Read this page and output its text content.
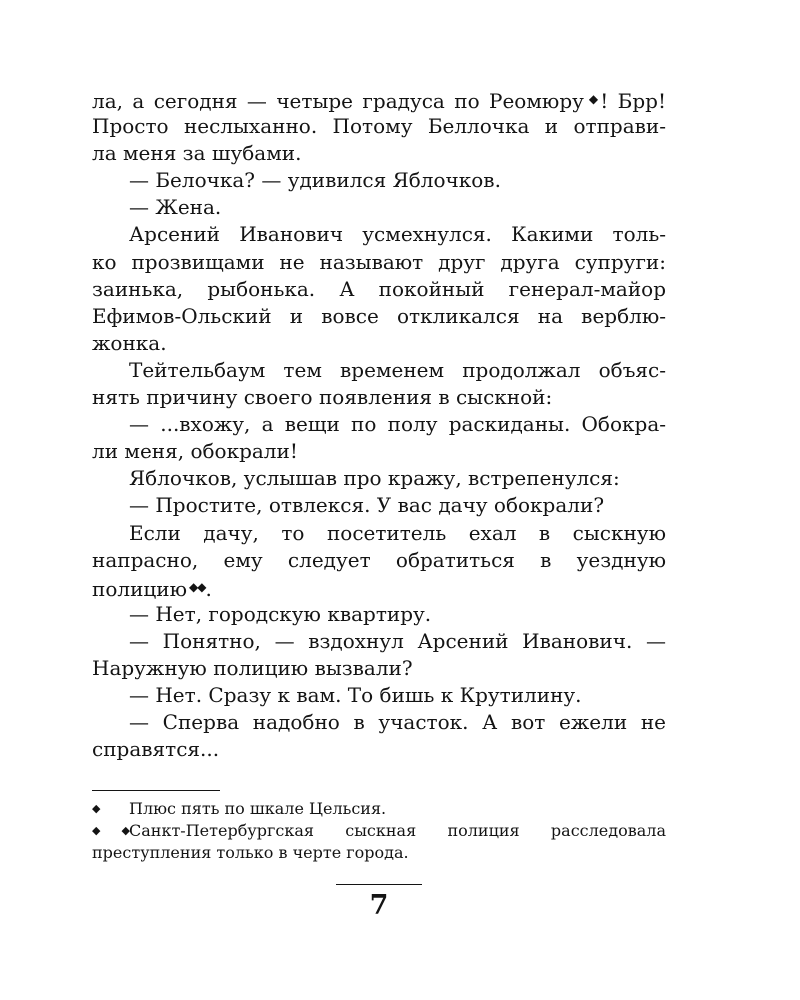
ла, а сегодня — четыре градуса по Реомюру ◆! Брр!
Просто неслыханно. Потому Беллочка и отправи-
ла меня за шубами.
— Белочка? — удивился Яблочков.
— Жена.
Арсений Иванович усмехнулся. Какими толь-
ко прозвищами не называют друг друга супруги:
заинька, рыбонька. А покойный генерал-майор
Ефимов-Ольский и вовсе откликался на верблю-
жонка.
Тейтельбаум тем временем продолжал объяс-
нять причину своего появления в сыскной:
— ...вхожу, а вещи по полу раскиданы. Обокра-
ли меня, обокрали!
Яблочков, услышав про кражу, встрепенулся:
— Простите, отвлекся. У вас дачу обокрали?
Если дачу, то посетитель ехал в сыскную
напрасно, ему следует обратиться в уездную
полицию ◆◆.
— Нет, городскую квартиру.
— Понятно, — вздохнул Арсений Иванович. —
Наружную полицию вызвали?
— Нет. Сразу к вам. То бишь к Крутилину.
— Сперва надобно в участок. А вот ежели не
справятся...
◆ Плюс пять по шкале Цельсия.
◆◆Санкт-Петербургская сыскная полиция расследовала
преступления только в черте города.
7
